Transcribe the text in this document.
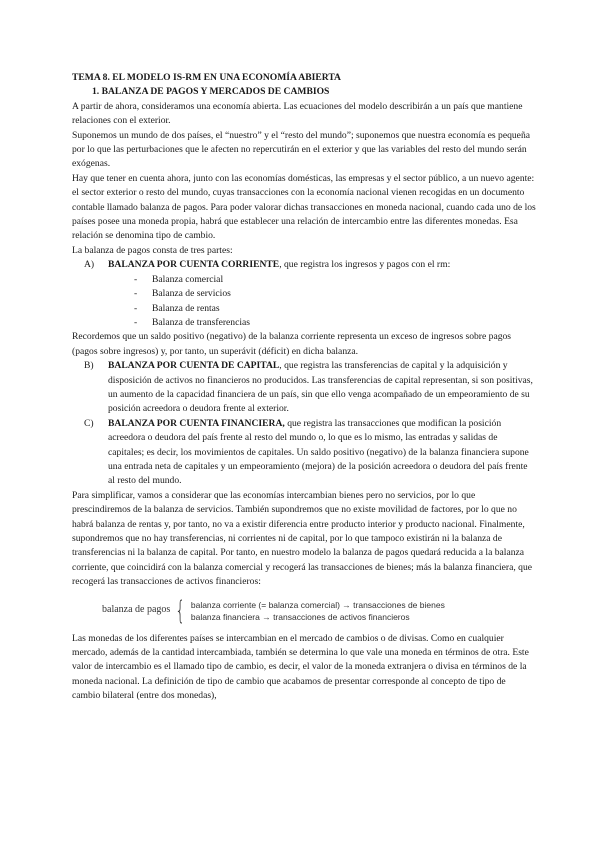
TEMA 8. EL MODELO IS-RM EN UNA ECONOMÍA ABIERTA
1. BALANZA DE PAGOS Y MERCADOS DE CAMBIOS

A partir de ahora, consideramos una economía abierta. Las ecuaciones del modelo describirán a un país que mantiene relaciones con el exterior.

Suponemos un mundo de dos países, el “nuestro” y el “resto del mundo”; suponemos que nuestra economía es pequeña por lo que las perturbaciones que le afecten no repercutirán en el exterior y que las variables del resto del mundo serán exógenas.

Hay que tener en cuenta ahora, junto con las economías domésticas, las empresas y el sector público, a un nuevo agente: el sector exterior o resto del mundo, cuyas transacciones con la economía nacional vienen recogidas en un documento contable llamado balanza de pagos. Para poder valorar dichas transacciones en moneda nacional, cuando cada uno de los países posee una moneda propia, habrá que establecer una relación de intercambio entre las diferentes monedas. Esa relación se denomina tipo de cambio.

La balanza de pagos consta de tres partes:

A)	BALANZA POR CUENTA CORRIENTE, que registra los ingresos y pagos con el rm:
-	Balanza comercial
-	Balanza de servicios
-	Balanza de rentas
-	Balanza de transferencias

Recordemos que un saldo positivo (negativo) de la balanza corriente representa un exceso de ingresos sobre pagos (pagos sobre ingresos) y, por tanto, un superávit (déficit) en dicha balanza.

B)	BALANZA POR CUENTA DE CAPITAL, que registra las transferencias de capital y la adquisición y disposición de activos no financieros no producidos. Las transferencias de capital representan, si son positivas, un aumento de la capacidad financiera de un país, sin que ello venga acompañado de un empeoramiento de su posición acreedora o deudora frente al exterior.
C)	BALANZA POR CUENTA FINANCIERA, que registra las transacciones que modifican la posición acreedora o deudora del país frente al resto del mundo o, lo que es lo mismo, las entradas y salidas de capitales; es decir, los movimientos de capitales. Un saldo positivo (negativo) de la balanza financiera supone una entrada neta de capitales y un empeoramiento (mejora) de la posición acreedora o deudora del país frente al resto del mundo.

Para simplificar, vamos a considerar que las economías intercambian bienes pero no servicios, por lo que prescindiremos de la balanza de servicios. También supondremos que no existe movilidad de factores, por lo que no habrá balanza de rentas y, por tanto, no va a existir diferencia entre producto interior y producto nacional. Finalmente, supondremos que no hay transferencias, ni corrientes ni de capital, por lo que tampoco existirán ni la balanza de transferencias ni la balanza de capital. Por tanto, en nuestro modelo la balanza de pagos quedará reducida a la balanza corriente, que coincidirá con la balanza comercial y recogerá las transacciones de bienes; más la balanza financiera, que recogerá las transacciones de activos financieros:

balanza de pagos { balanza corriente (= balanza comercial) → transacciones de bienes
balanza financiera → transacciones de activos financieros

Las monedas de los diferentes países se intercambian en el mercado de cambios o de divisas. Como en cualquier mercado, además de la cantidad intercambiada, también se determina lo que vale una moneda en términos de otra. Este valor de intercambio es el llamado tipo de cambio, es decir, el valor de la moneda extranjera o divisa en términos de la moneda nacional. La definición de tipo de cambio que acabamos de presentar corresponde al concepto de tipo de cambio bilateral (entre dos monedas),
